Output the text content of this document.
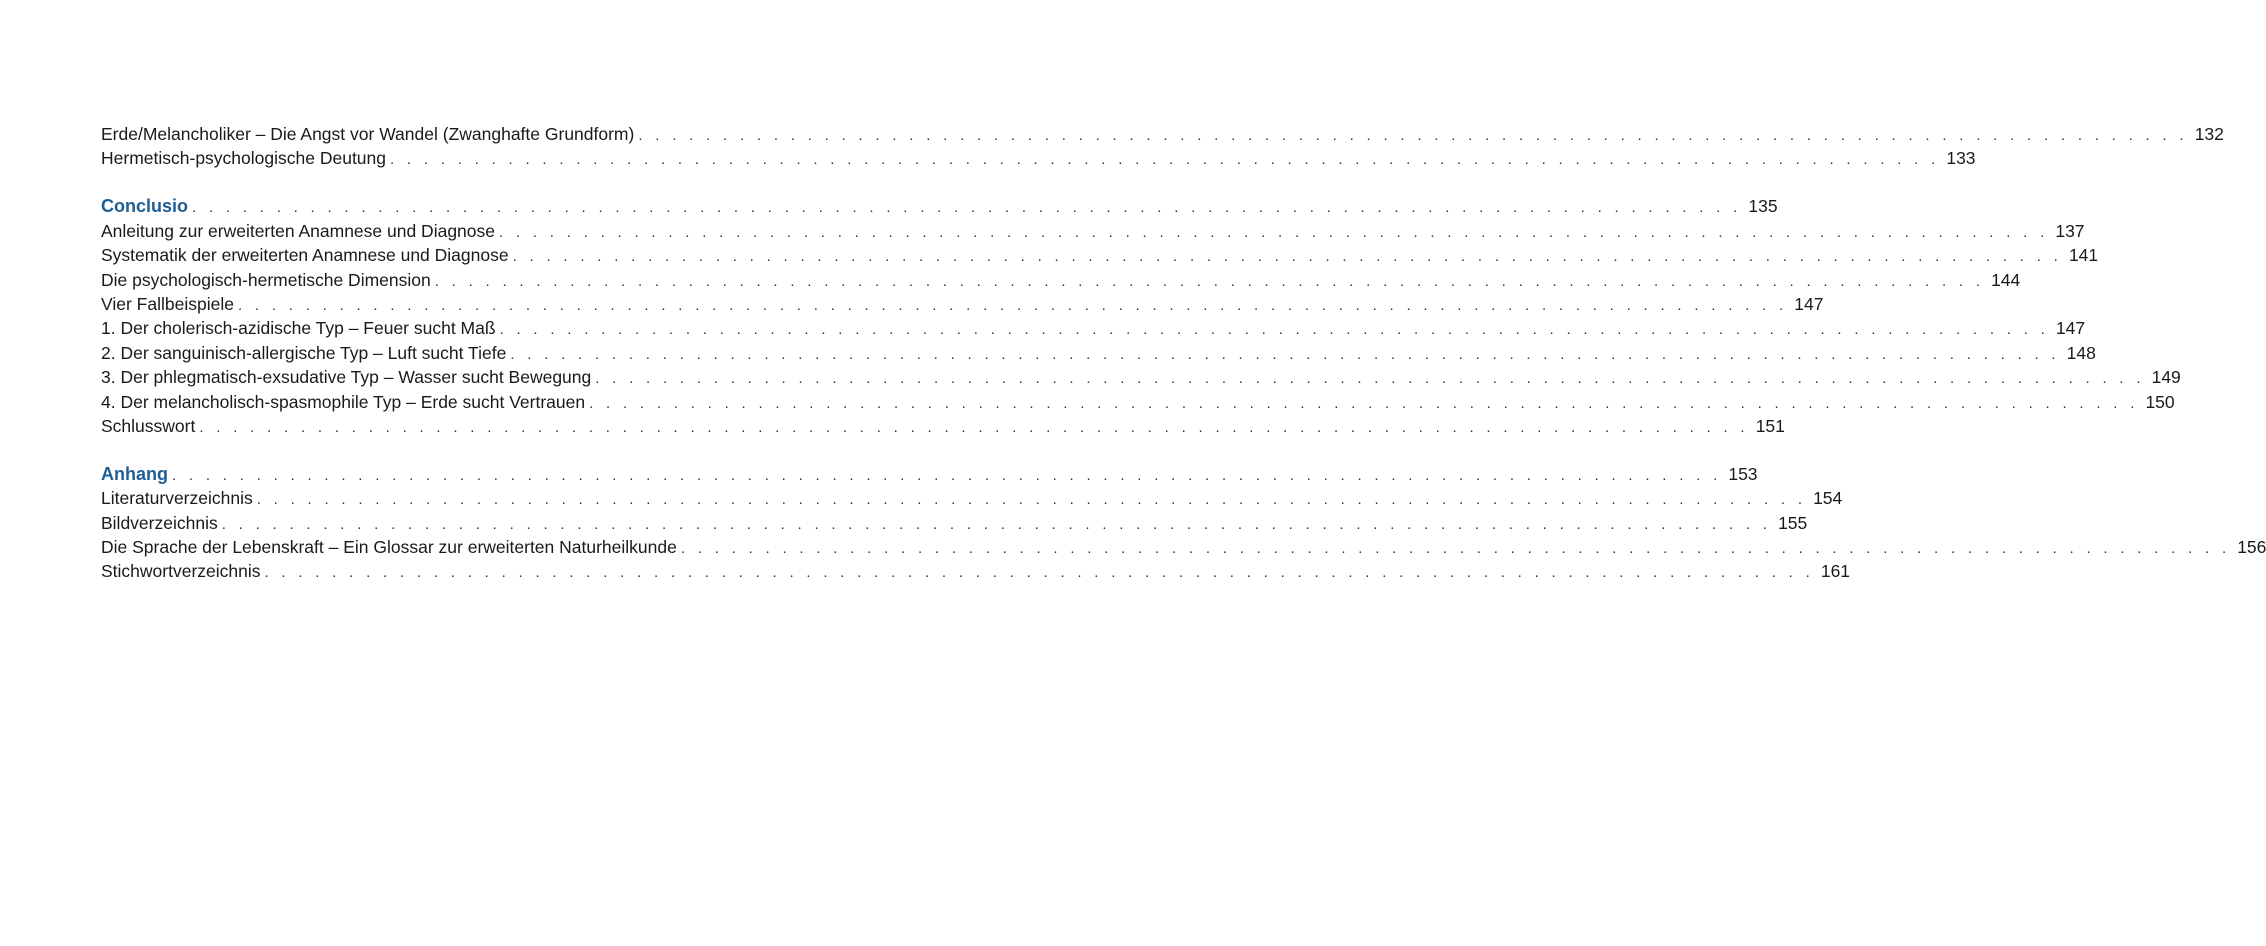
Erde/Melancholiker – Die Angst vor Wandel (Zwanghafte Grundform) . . . . . . . . . . . . . . . . . . . . . . . . . . . . . . . . . . . . . . . . . . . . . . . . . . . . . . . . . . . . . . . . . . . . . . . . . . . . . . . . . . . . . . . . . . . . 132
Hermetisch-psychologische Deutung . . . . . . . . . . . . . . . . . . . . . . . . . . . . . . . . . . . . . . . . . . . . . . . . . . . . . . . . . . . . . . . . . . . . . . . . . . . . . . . . . . . . . . . . . . . . 133
Conclusio . . . . . . . . . . . . . . . . . . . . . . . . . . . . . . . . . . . . . . . . . . . . . . . . . . . . . . . . . . . . . . . . . . . . . . . . . . . . . . . . . . . . . . . . . . . . 135
Anleitung zur erweiterten Anamnese und Diagnose . . . . . . . . . . . . . . . . . . . . . . . . . . . . . . . . . . . . . . . . . . . . . . . . . . . . . . . . . . . . . . . . . . . . . . . . . . . . . . . . . . . . . . . . . . . . 137
Systematik der erweiterten Anamnese und Diagnose . . . . . . . . . . . . . . . . . . . . . . . . . . . . . . . . . . . . . . . . . . . . . . . . . . . . . . . . . . . . . . . . . . . . . . . . . . . . . . . . . . . . . . . . . . . . 141
Die psychologisch-hermetische Dimension . . . . . . . . . . . . . . . . . . . . . . . . . . . . . . . . . . . . . . . . . . . . . . . . . . . . . . . . . . . . . . . . . . . . . . . . . . . . . . . . . . . . . . . . . . . . 144
Vier Fallbeispiele . . . . . . . . . . . . . . . . . . . . . . . . . . . . . . . . . . . . . . . . . . . . . . . . . . . . . . . . . . . . . . . . . . . . . . . . . . . . . . . . . . . . . . . . . . . . 147
1. Der cholerisch-azidische Typ – Feuer sucht Maß . . . . . . . . . . . . . . . . . . . . . . . . . . . . . . . . . . . . . . . . . . . . . . . . . . . . . . . . . . . . . . . . . . . . . . . . . . . . . . . . . . . . . . . . . . . . 147
2. Der sanguinisch-allergische Typ – Luft sucht Tiefe . . . . . . . . . . . . . . . . . . . . . . . . . . . . . . . . . . . . . . . . . . . . . . . . . . . . . . . . . . . . . . . . . . . . . . . . . . . . . . . . . . . . . . . . . . . . 148
3. Der phlegmatisch-exsudative Typ – Wasser sucht Bewegung . . . . . . . . . . . . . . . . . . . . . . . . . . . . . . . . . . . . . . . . . . . . . . . . . . . . . . . . . . . . . . . . . . . . . . . . . . . . . . . . . . . . . . . . . . . . 149
4. Der melancholisch-spasmophile Typ – Erde sucht Vertrauen . . . . . . . . . . . . . . . . . . . . . . . . . . . . . . . . . . . . . . . . . . . . . . . . . . . . . . . . . . . . . . . . . . . . . . . . . . . . . . . . . . . . . . . . . . . . 150
Schlusswort . . . . . . . . . . . . . . . . . . . . . . . . . . . . . . . . . . . . . . . . . . . . . . . . . . . . . . . . . . . . . . . . . . . . . . . . . . . . . . . . . . . . . . . . . . . . 151
Anhang . . . . . . . . . . . . . . . . . . . . . . . . . . . . . . . . . . . . . . . . . . . . . . . . . . . . . . . . . . . . . . . . . . . . . . . . . . . . . . . . . . . . . . . . . . . . 153
Literaturverzeichnis . . . . . . . . . . . . . . . . . . . . . . . . . . . . . . . . . . . . . . . . . . . . . . . . . . . . . . . . . . . . . . . . . . . . . . . . . . . . . . . . . . . . . . . . . . . . 154
Bildverzeichnis . . . . . . . . . . . . . . . . . . . . . . . . . . . . . . . . . . . . . . . . . . . . . . . . . . . . . . . . . . . . . . . . . . . . . . . . . . . . . . . . . . . . . . . . . . . . 155
Die Sprache der Lebenskraft – Ein Glossar zur erweiterten Naturheilkunde . . . . . . . . . . . . . . . . . . . . . . . . . . . . . . . . . . . . . . . . . . . . . . . . . . . . . . . . . . . . . . . . . . . . . . . . . . . . . . . . . . . . . . . . . . . . 156
Stichwortverzeichnis . . . . . . . . . . . . . . . . . . . . . . . . . . . . . . . . . . . . . . . . . . . . . . . . . . . . . . . . . . . . . . . . . . . . . . . . . . . . . . . . . . . . . . . . . . . . 161
